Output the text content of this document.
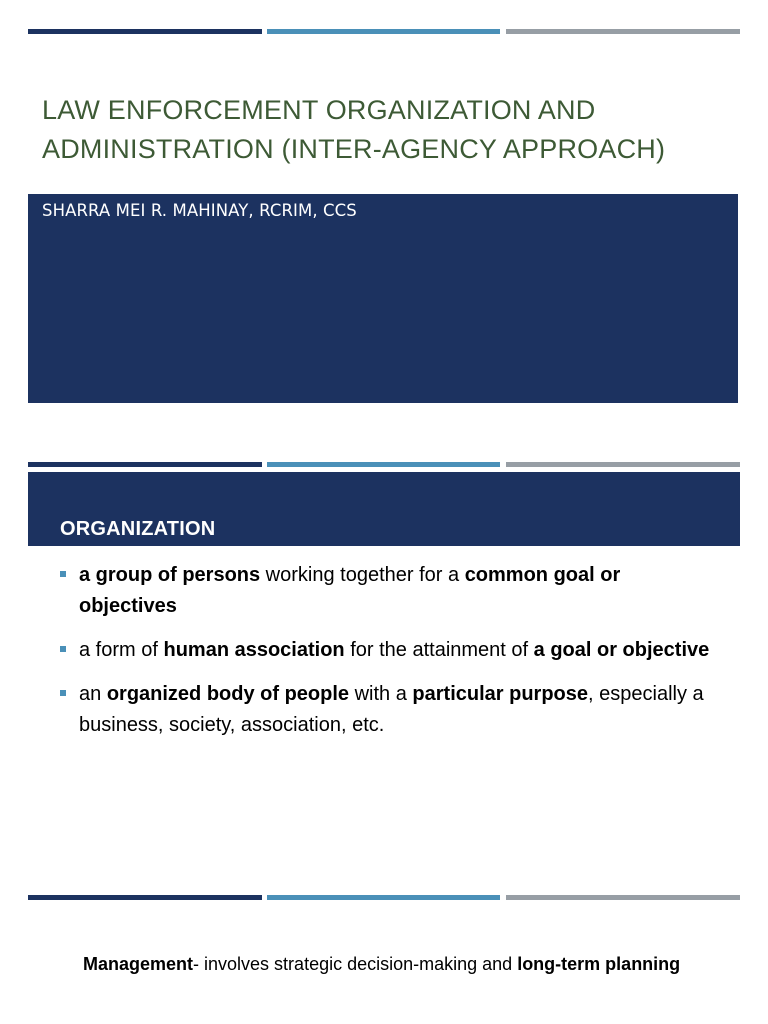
LAW ENFORCEMENT ORGANIZATION AND
ADMINISTRATION (INTER-AGENCY APPROACH)
SHARRA MEI R. MAHINAY, RCRIM, CCS
ORGANIZATION
a group of persons working together for a common goal or objectives
a form of human association for the attainment of a goal or objective
an organized body of people with a particular purpose, especially a business, society, association, etc.

Management- involves strategic decision-making and long-term planning
